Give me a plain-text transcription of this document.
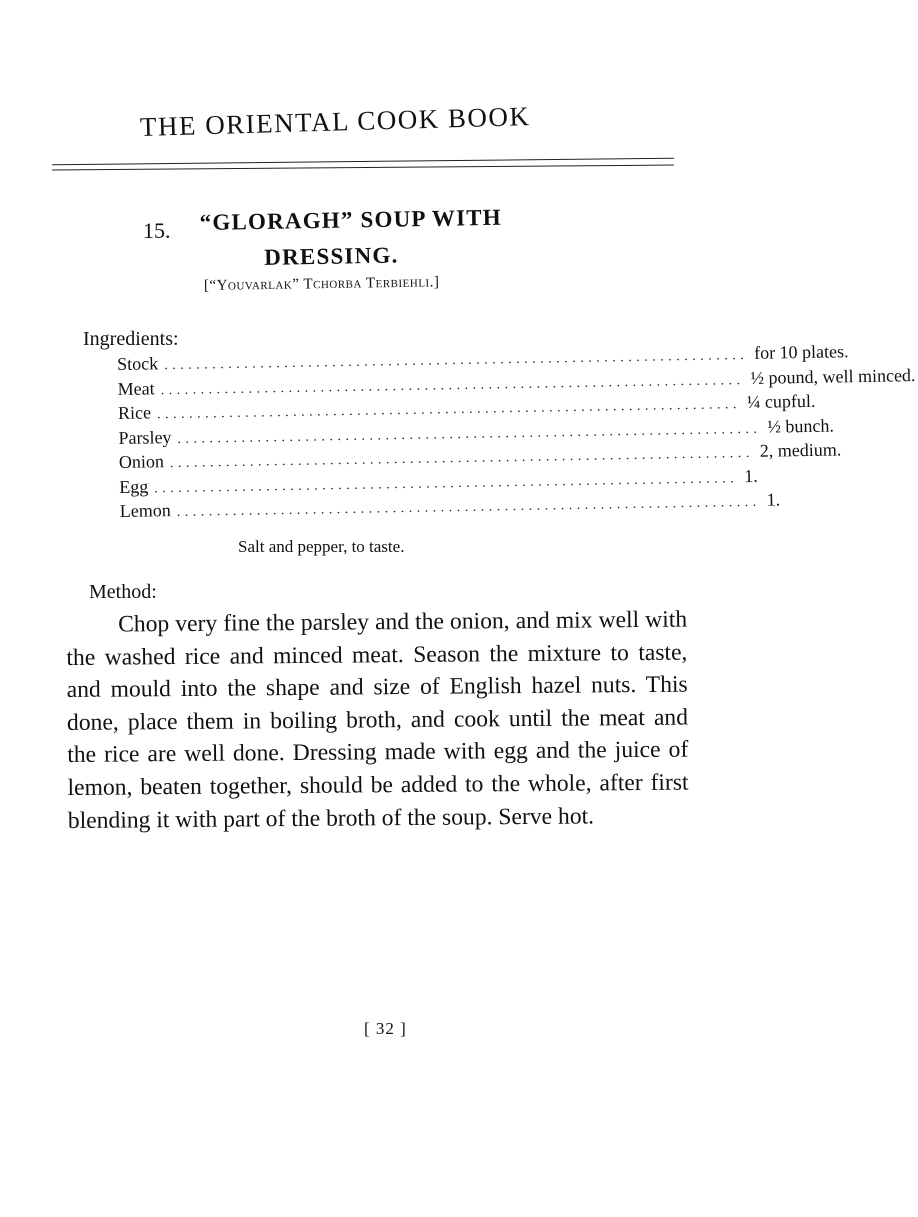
THE ORIENTAL COOK BOOK
15. “GLORAGH” SOUP WITH
DRESSING.
[“Youvarlak” Tchorba Terbiehli.]
Ingredients:
Stock ......................................................................... for 10 plates.
Meat ......................................................................... ½ pound, well minced.
Rice ......................................................................... ¼ cupful.
Parsley ......................................................................... ½ bunch.
Onion ......................................................................... 2, medium.
Egg ......................................................................... 1.
Lemon ......................................................................... 1.
Salt and pepper, to taste.
Method:
Chop very fine the parsley and the onion, and mix well with the washed rice and minced meat. Season the mixture to taste, and mould into the shape and size of English hazel nuts. This done, place them in boiling broth, and cook until the meat and the rice are well done. Dressing made with egg and the juice of lemon, beaten together, should be added to the whole, after first blending it with part of the broth of the soup. Serve hot.
[ 32 ]
